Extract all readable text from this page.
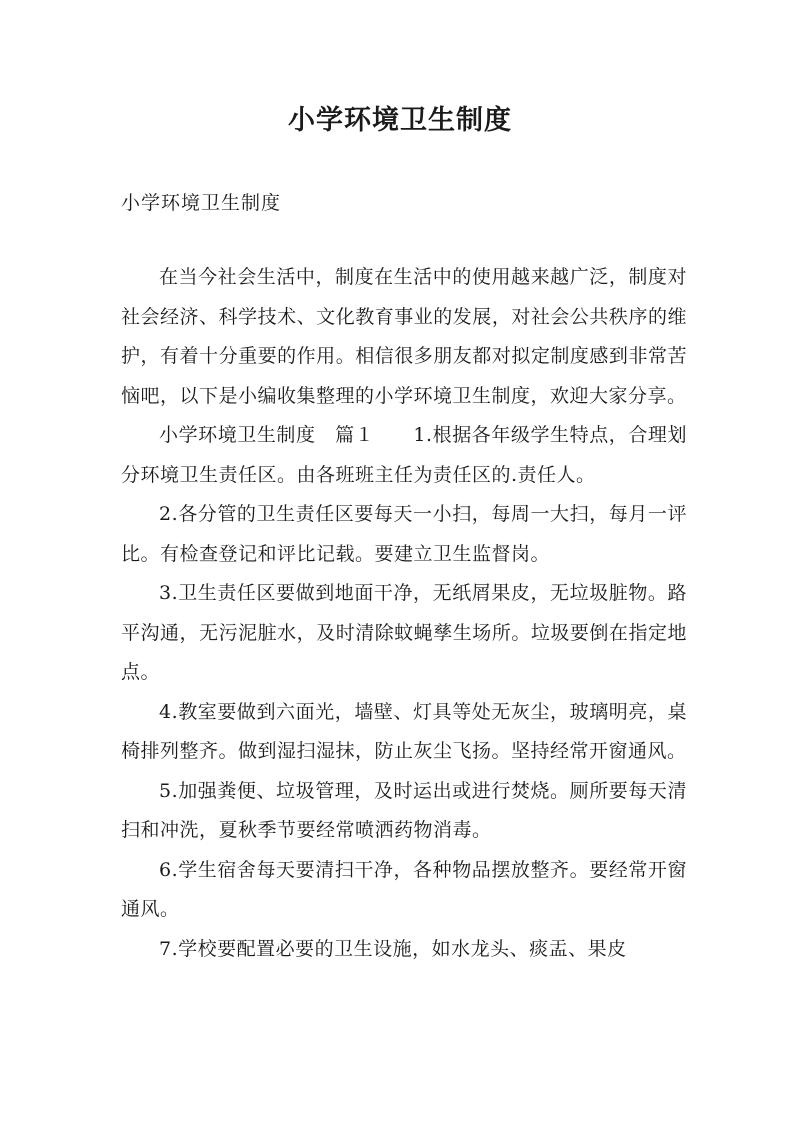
小学环境卫生制度
小学环境卫生制度

在当今社会生活中，制度在生活中的使用越来越广泛，制度对社会经济、科学技术、文化教育事业的发展，对社会公共秩序的维护，有着十分重要的作用。相信很多朋友都对拟定制度感到非常苦恼吧，以下是小编收集整理的小学环境卫生制度，欢迎大家分享。

小学环境卫生制度　篇１　　1.根据各年级学生特点，合理划分环境卫生责任区。由各班班主任为责任区的.责任人。

2.各分管的卫生责任区要每天一小扫，每周一大扫，每月一评比。有检查登记和评比记载。要建立卫生监督岗。

3.卫生责任区要做到地面干净，无纸屑果皮，无垃圾脏物。路平沟通，无污泥脏水，及时清除蚊蝇孳生场所。垃圾要倒在指定地点。

4.教室要做到六面光，墙壁、灯具等处无灰尘，玻璃明亮，桌椅排列整齐。做到湿扫湿抹，防止灰尘飞扬。坚持经常开窗通风。

5.加强粪便、垃圾管理，及时运出或进行焚烧。厕所要每天清扫和冲洗，夏秋季节要经常喷洒药物消毒。

6.学生宿舍每天要清扫干净，各种物品摆放整齐。要经常开窗通风。

7.学校要配置必要的卫生设施，如水龙头、痰盂、果皮
